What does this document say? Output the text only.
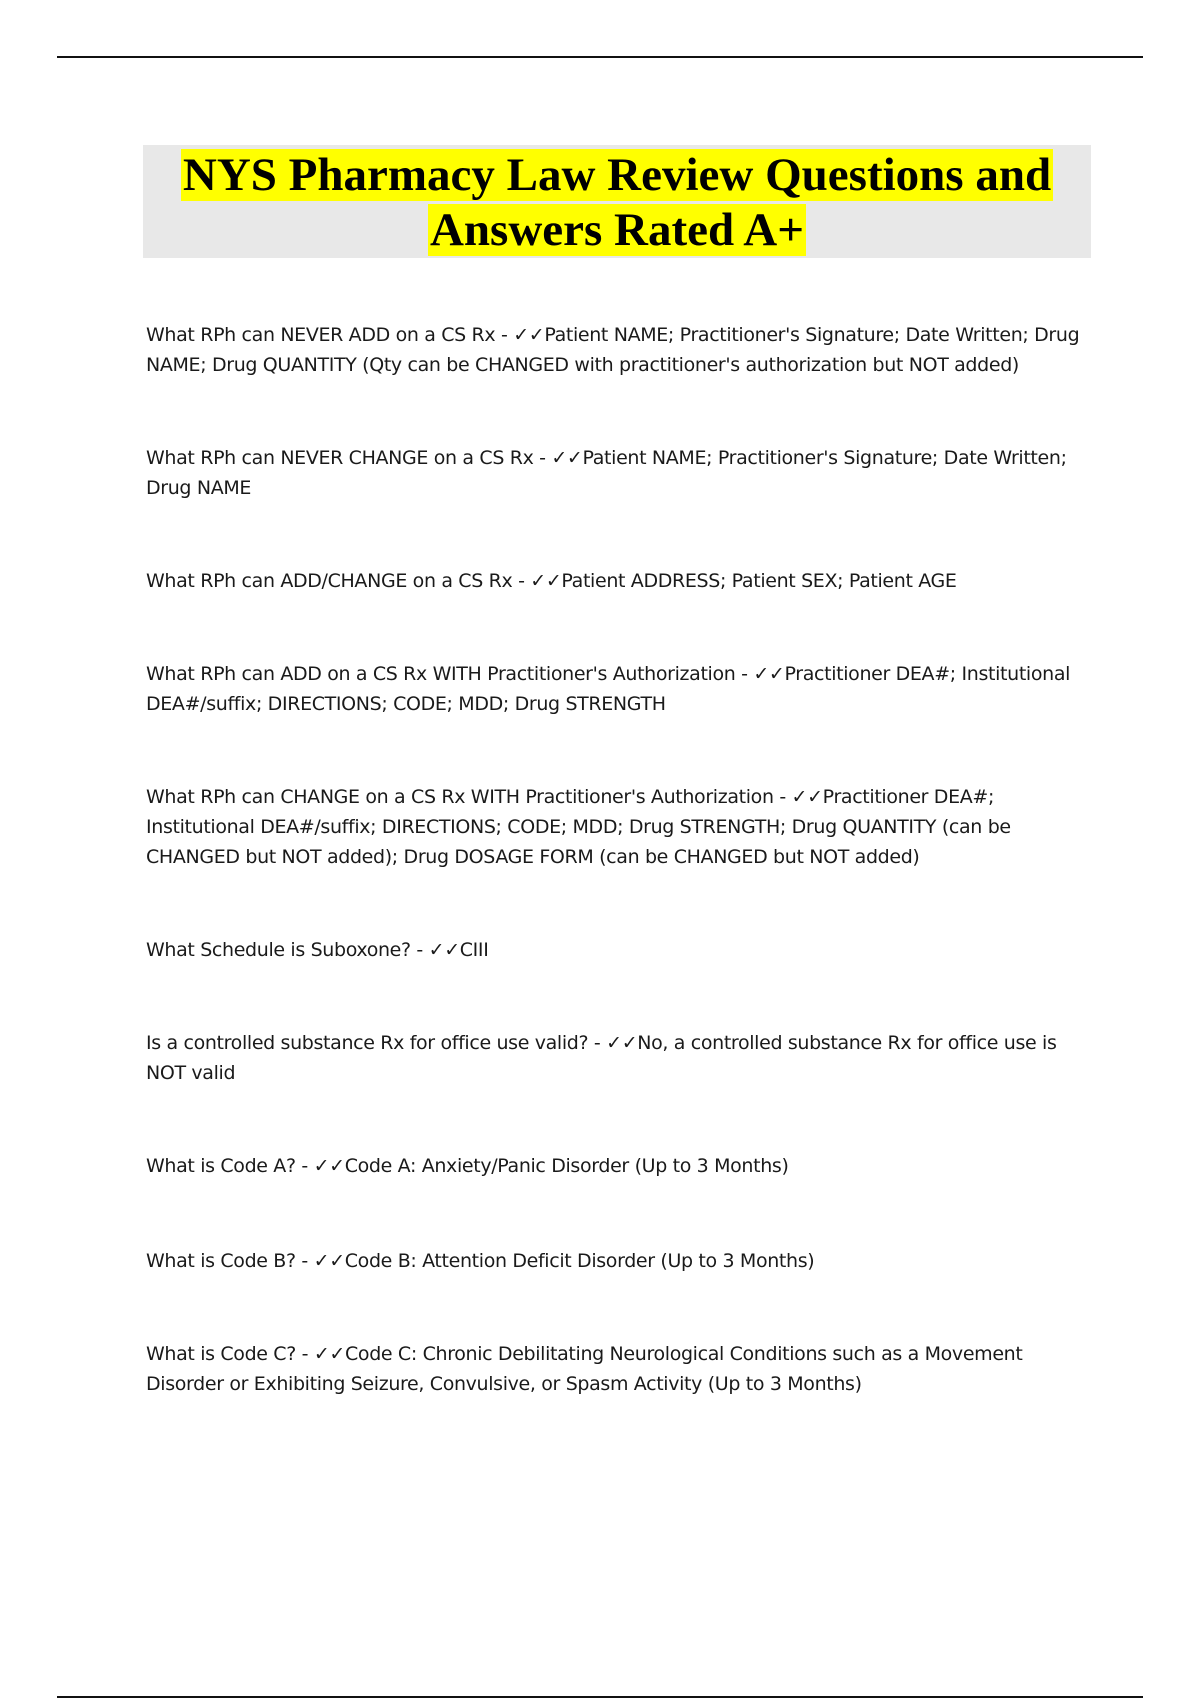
NYS Pharmacy Law Review Questions and
Answers Rated A+

What RPh can NEVER ADD on a CS Rx - ✓✓Patient NAME; Practitioner's Signature; Date Written; Drug NAME; Drug QUANTITY (Qty can be CHANGED with practitioner's authorization but NOT added)

What RPh can NEVER CHANGE on a CS Rx - ✓✓Patient NAME; Practitioner's Signature; Date Written; Drug NAME

What RPh can ADD/CHANGE on a CS Rx - ✓✓Patient ADDRESS; Patient SEX; Patient AGE

What RPh can ADD on a CS Rx WITH Practitioner's Authorization - ✓✓Practitioner DEA#; Institutional DEA#/suffix; DIRECTIONS; CODE; MDD; Drug STRENGTH

What RPh can CHANGE on a CS Rx WITH Practitioner's Authorization - ✓✓Practitioner DEA#; Institutional DEA#/suffix; DIRECTIONS; CODE; MDD; Drug STRENGTH; Drug QUANTITY (can be CHANGED but NOT added); Drug DOSAGE FORM (can be CHANGED but NOT added)

What Schedule is Suboxone? - ✓✓CIII

Is a controlled substance Rx for office use valid? - ✓✓No, a controlled substance Rx for office use is NOT valid

What is Code A? - ✓✓Code A: Anxiety/Panic Disorder (Up to 3 Months)

What is Code B? - ✓✓Code B: Attention Deficit Disorder (Up to 3 Months)

What is Code C? - ✓✓Code C: Chronic Debilitating Neurological Conditions such as a Movement Disorder or Exhibiting Seizure, Convulsive, or Spasm Activity (Up to 3 Months)
